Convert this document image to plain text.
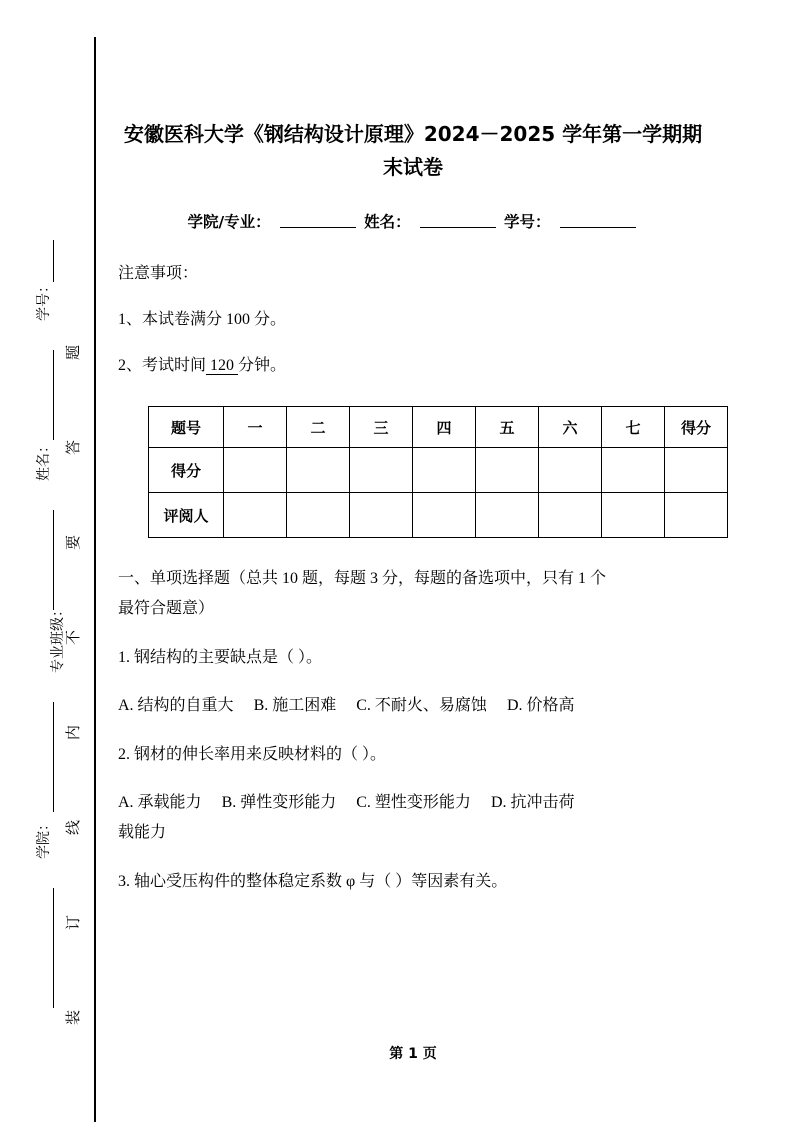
题
答
要
不
内
线
订
装
学号：
姓名：
专业班级：
学院：
安徽医科大学《钢结构设计原理》2024－2025 学年第一学期期末试卷
学院/专业：	姓名：	学号：
注意事项：
1、本试卷满分 100 分。
2、考试时间 120 分钟。
题号	一	二	三	四	五	六	七	得分
得分								
评阅人								
一、单项选择题（总共 10 题，每题 3 分，每题的备选项中，只有 1 个
最符合题意）
1. 钢结构的主要缺点是（ ）。
A. 结构的自重大 B. 施工困难 C. 不耐火、易腐蚀 D. 价格高
2. 钢材的伸长率用来反映材料的（ ）。
A. 承载能力 B. 弹性变形能力 C. 塑性变形能力 D. 抗冲击荷
载能力
3. 轴心受压构件的整体稳定系数 φ 与（ ）等因素有关。
第 1 页
